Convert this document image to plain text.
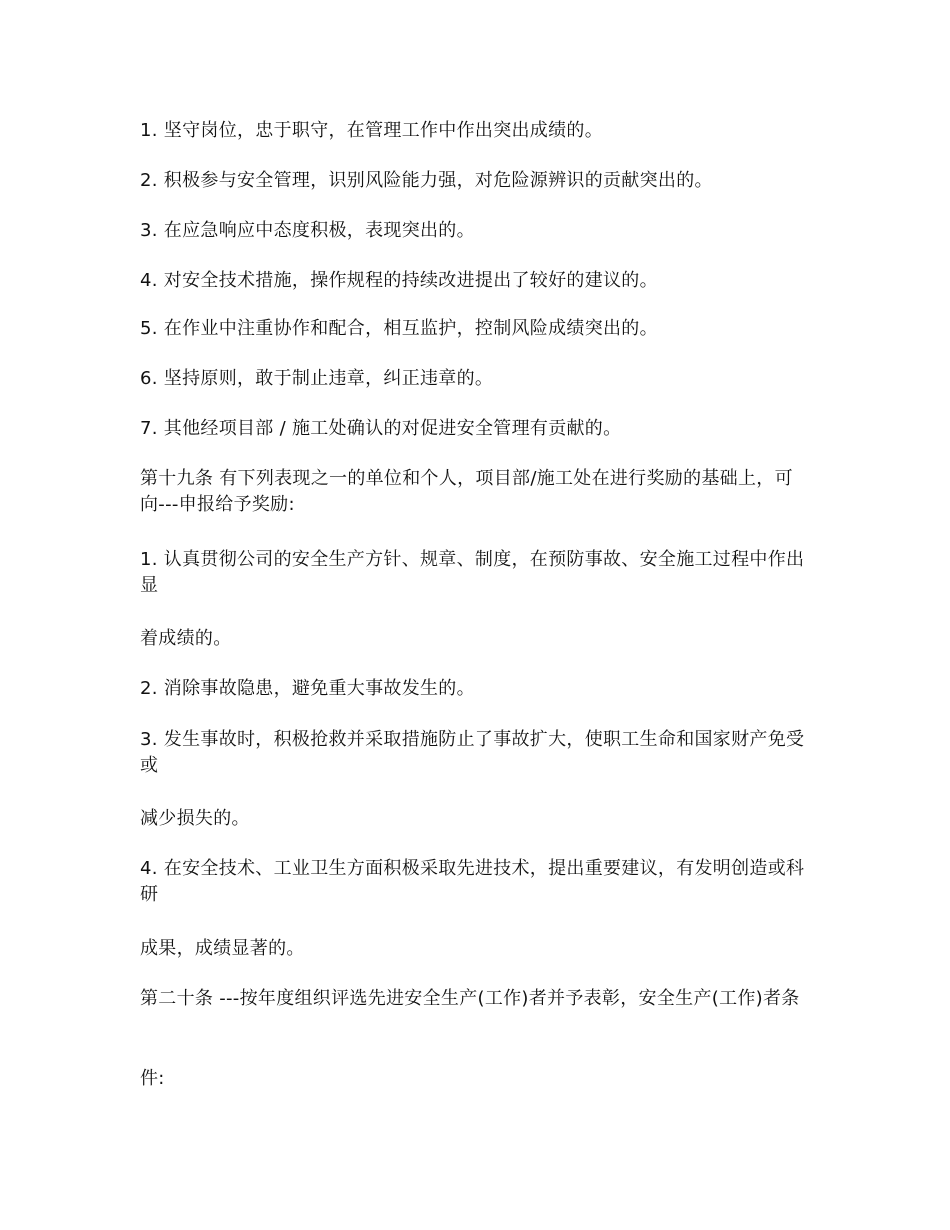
1. 坚守岗位，忠于职守，在管理工作中作出突出成绩的。

2. 积极参与安全管理，识别风险能力强，对危险源辨识的贡献突出的。

3. 在应急响应中态度积极，表现突出的。

4. 对安全技术措施，操作规程的持续改进提出了较好的建议的。

5. 在作业中注重协作和配合，相互监护，控制风险成绩突出的。

6. 坚持原则，敢于制止违章，纠正违章的。

7. 其他经项目部 / 施工处确认的对促进安全管理有贡献的。

第十九条 有下列表现之一的单位和个人，项目部/施工处在进行奖励的基础上，可向---申报给予奖励:

1. 认真贯彻公司的安全生产方针、规章、制度，在预防事故、安全施工过程中作出显

着成绩的。

2. 消除事故隐患，避免重大事故发生的。

3. 发生事故时，积极抢救并采取措施防止了事故扩大，使职工生命和国家财产免受或

减少损失的。

4. 在安全技术、工业卫生方面积极采取先进技术，提出重要建议，有发明创造或科研

成果，成绩显著的。

第二十条 ---按年度组织评选先进安全生产(工作)者并予表彰，安全生产(工作)者条

件:
